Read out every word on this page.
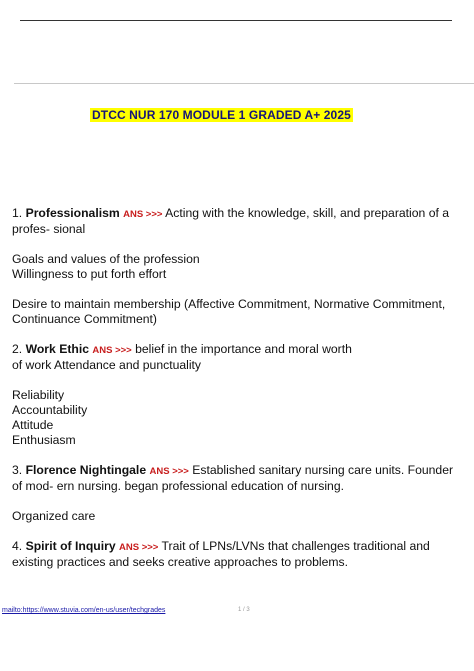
DTCC NUR 170 MODULE 1 GRADED A+ 2025

1. Professionalism ANS >>> Acting with the knowledge, skill, and preparation of a

profes- sional

Goals and values of the profession

Willingness to put forth effort

Desire to maintain membership (Affective Commitment, Normative Commitment,

Continuance Commitment)

2. Work Ethic ANS >>> belief in the importance and moral worth

of work Attendance and punctuality

Reliability

Accountability

Attitude

Enthusiasm

3. Florence Nightingale ANS >>> Established sanitary nursing care units. Founder

of mod- ern nursing. began professional education of nursing.

Organized care

4. Spirit of Inquiry ANS >>> Trait of LPNs/LVNs that challenges traditional and

existing practices and seeks creative approaches to problems.

mailto:https://www.stuvia.com/en-us/user/techgrades	1 / 3
